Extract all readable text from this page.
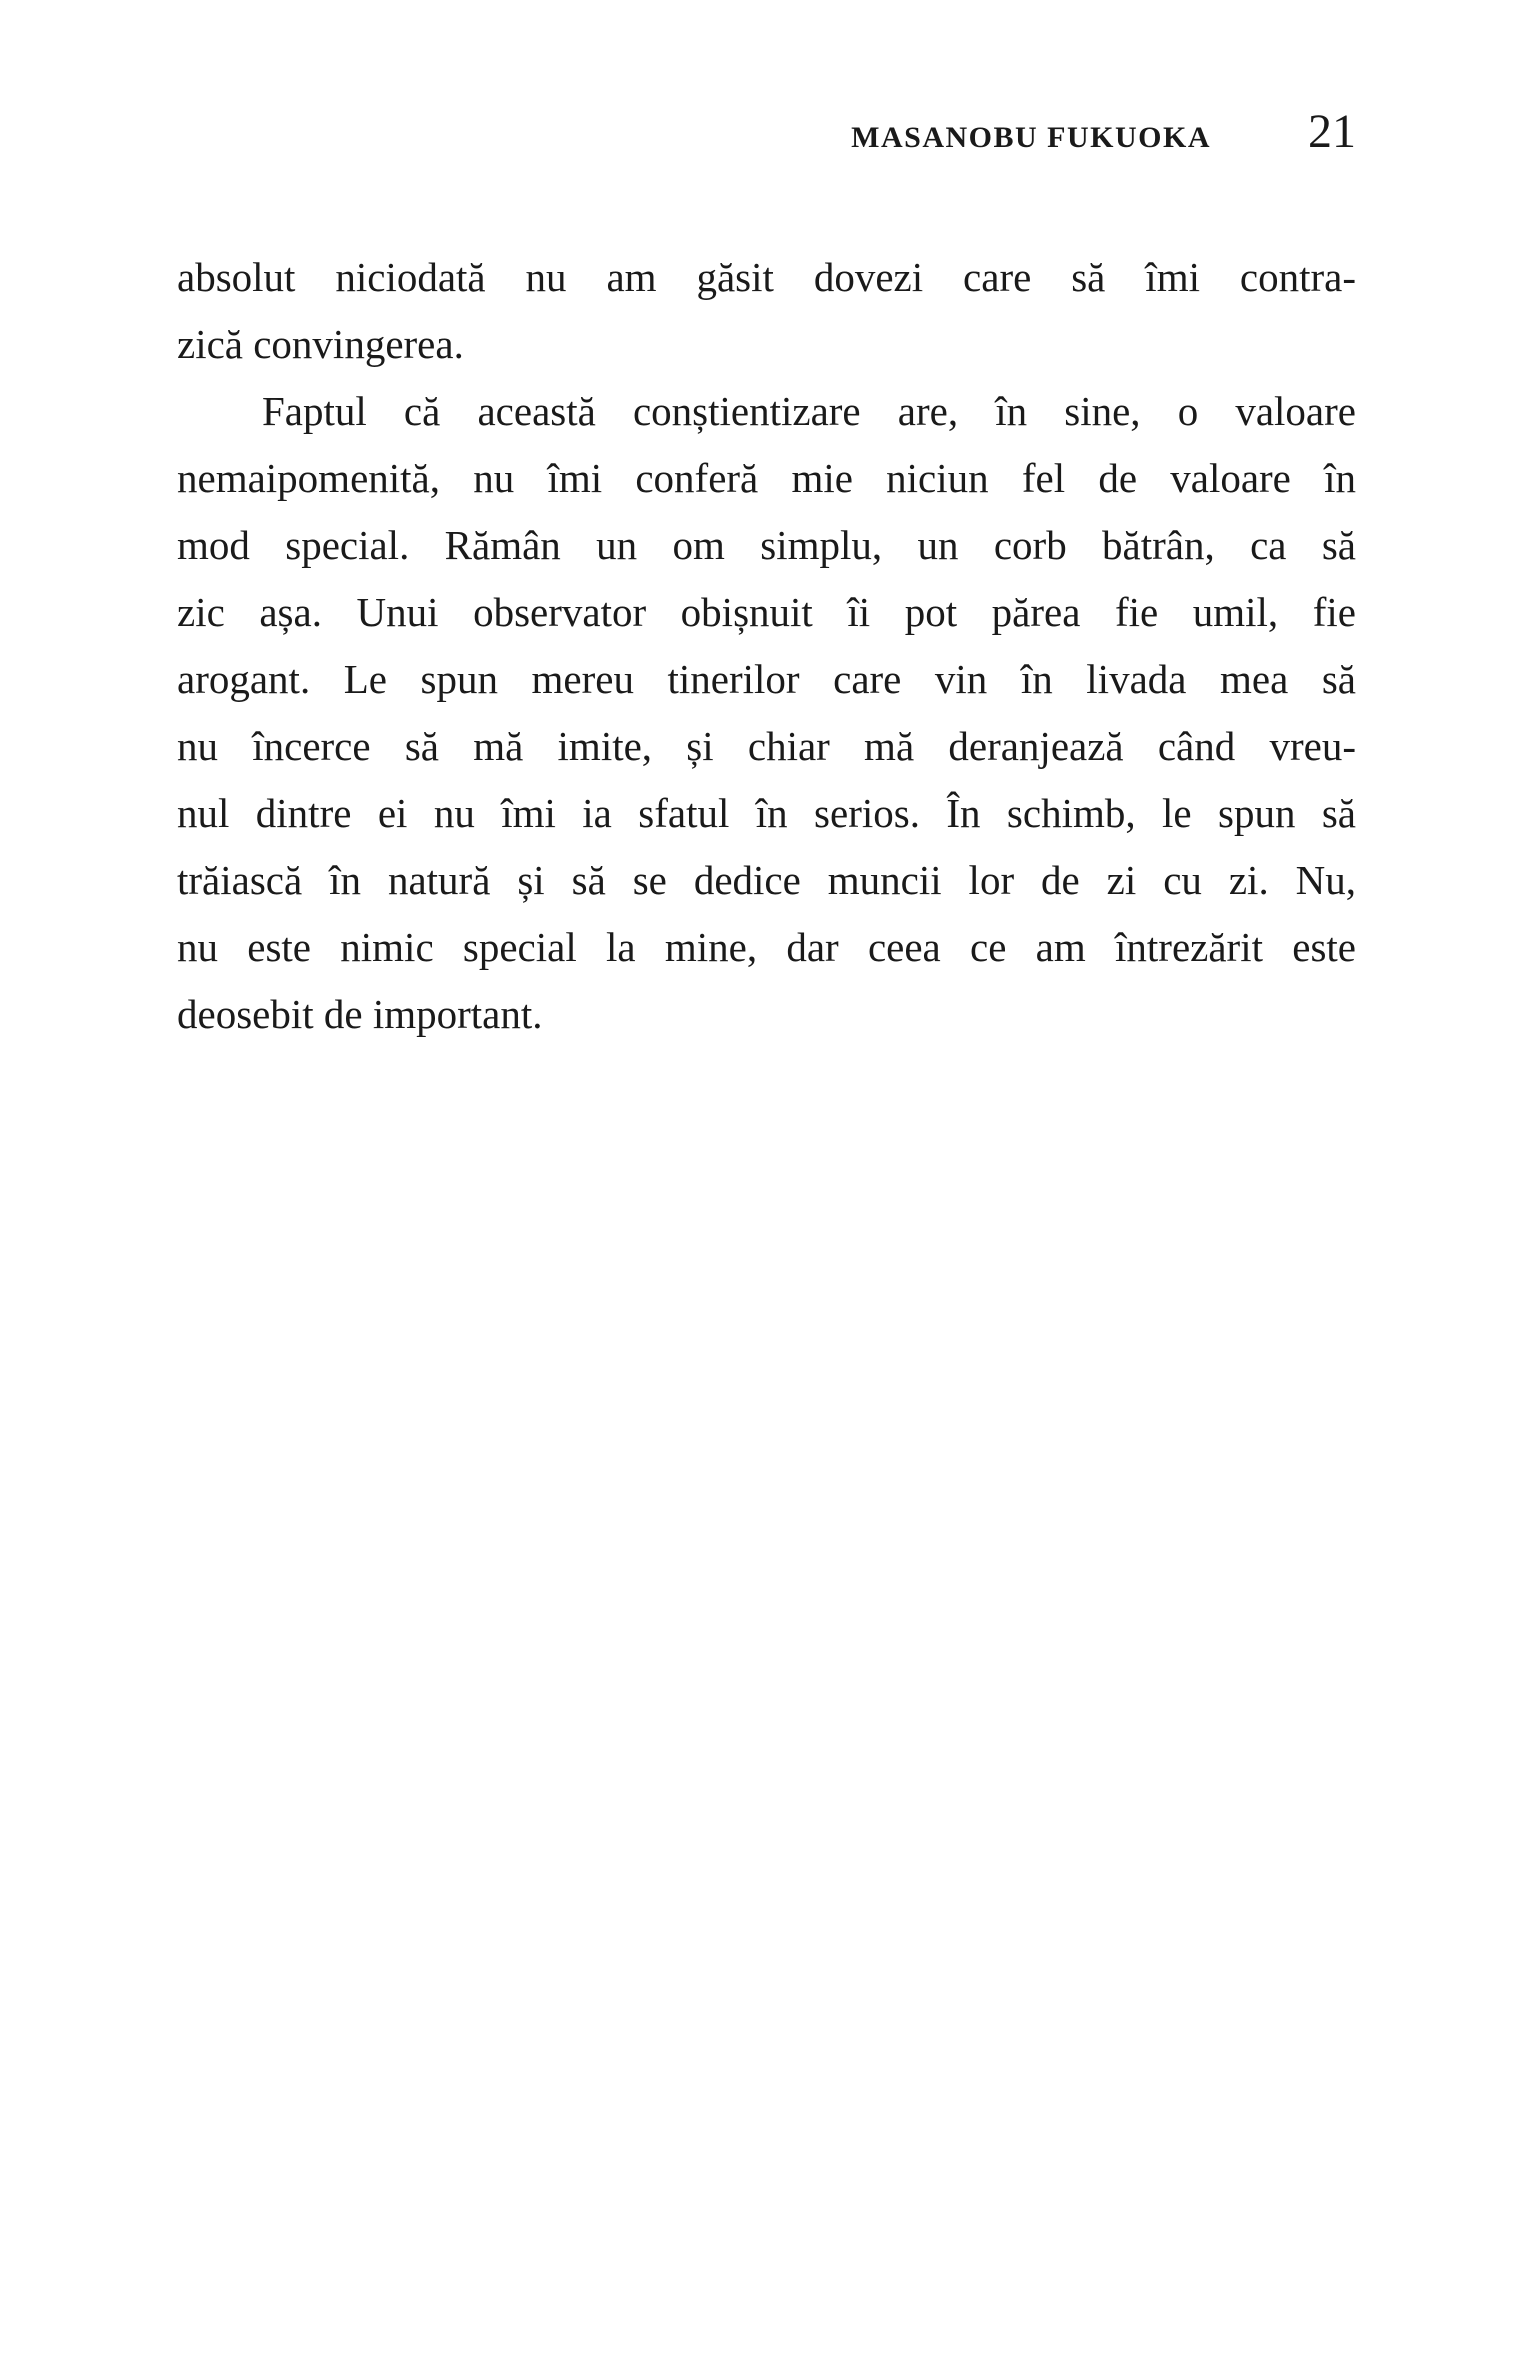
MASANOBU FUKUOKA 21
absolut niciodată nu am găsit dovezi care să îmi contra-
zică convingerea.
Faptul că această conștientizare are, în sine, o valoare
nemaipomenită, nu îmi conferă mie niciun fel de valoare în
mod special. Rămân un om simplu, un corb bătrân, ca să
zic așa. Unui observator obișnuit îi pot părea fie umil, fie
arogant. Le spun mereu tinerilor care vin în livada mea să
nu încerce să mă imite, și chiar mă deranjează când vreu-
nul dintre ei nu îmi ia sfatul în serios. În schimb, le spun să
trăiască în natură și să se dedice muncii lor de zi cu zi. Nu,
nu este nimic special la mine, dar ceea ce am întrezărit este
deosebit de important.
